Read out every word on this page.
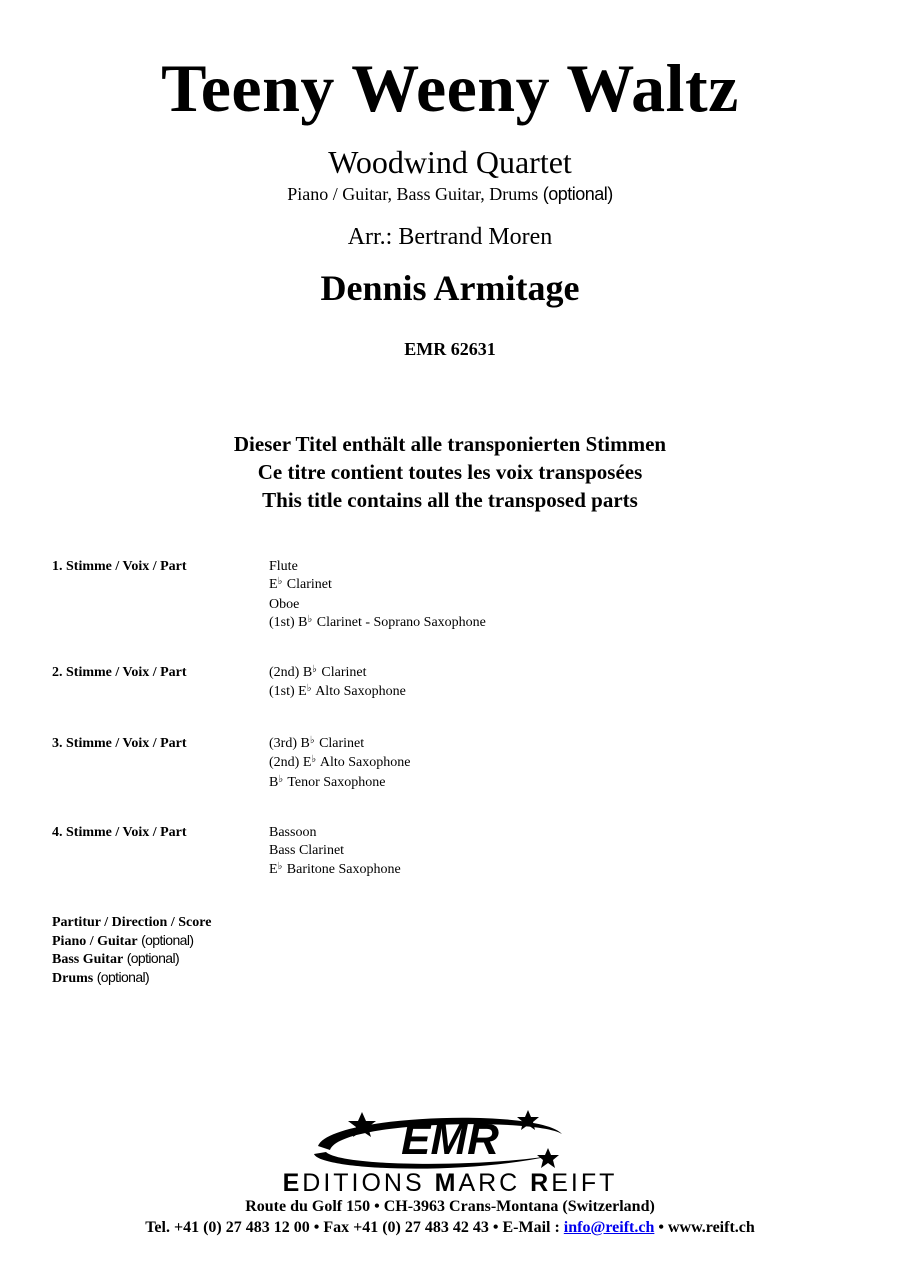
Teeny Weeny Waltz
Woodwind Quartet
Piano / Guitar, Bass Guitar, Drums (optional)
Arr.: Bertrand Moren
Dennis Armitage
EMR 62631
Dieser Titel enthält alle transponierten Stimmen
Ce titre contient toutes les voix transposées
This title contains all the transposed parts
1. Stimme / Voix / Part	Flute
E♭ Clarinet
Oboe
(1st) B♭ Clarinet - Soprano Saxophone
2. Stimme / Voix / Part	(2nd) B♭ Clarinet
(1st) E♭ Alto Saxophone
3. Stimme / Voix / Part	(3rd) B♭ Clarinet
(2nd) E♭ Alto Saxophone
B♭ Tenor Saxophone
4. Stimme / Voix / Part	Bassoon
Bass Clarinet
E♭ Baritone Saxophone
Partitur / Direction / Score
Piano / Guitar (optional)
Bass Guitar (optional)
Drums (optional)
EMR
EDITIONS MARC REIFT
Route du Golf 150 • CH-3963 Crans-Montana (Switzerland)
Tel. +41 (0) 27 483 12 00 • Fax +41 (0) 27 483 42 43 • E-Mail : info@reift.ch • www.reift.ch
